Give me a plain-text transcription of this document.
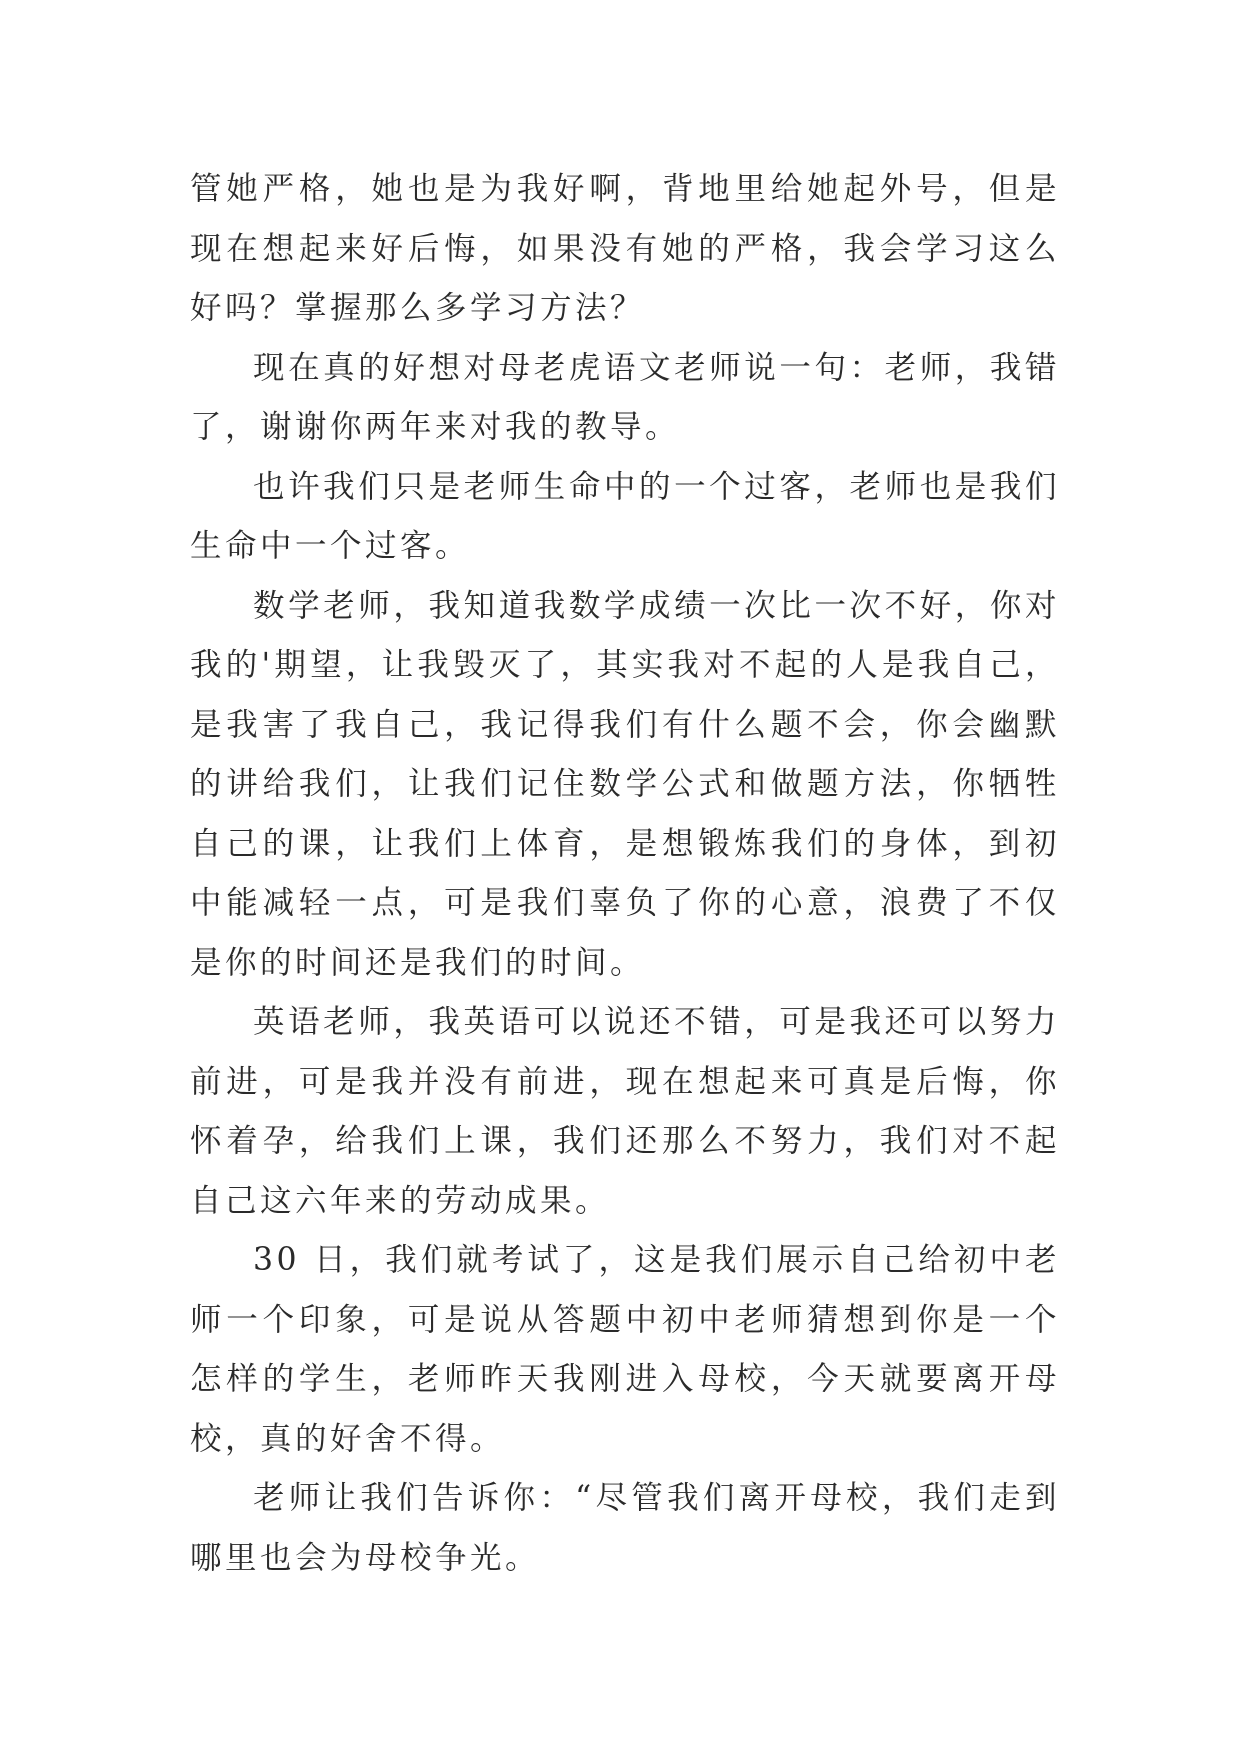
管她严格，她也是为我好啊，背地里给她起外号，但是现在想起来好后悔，如果没有她的严格，我会学习这么好吗？掌握那么多学习方法？

现在真的好想对母老虎语文老师说一句：老师，我错了，谢谢你两年来对我的教导。

也许我们只是老师生命中的一个过客，老师也是我们生命中一个过客。

数学老师，我知道我数学成绩一次比一次不好，你对我的'期望，让我毁灭了，其实我对不起的人是我自己，是我害了我自己，我记得我们有什么题不会，你会幽默的讲给我们，让我们记住数学公式和做题方法，你牺牲自己的课，让我们上体育，是想锻炼我们的身体，到初中能减轻一点，可是我们辜负了你的心意，浪费了不仅是你的时间还是我们的时间。

英语老师，我英语可以说还不错，可是我还可以努力前进，可是我并没有前进，现在想起来可真是后悔，你怀着孕，给我们上课，我们还那么不努力，我们对不起自己这六年来的劳动成果。

30 日，我们就考试了，这是我们展示自己给初中老师一个印象，可是说从答题中初中老师猜想到你是一个怎样的学生，老师昨天我刚进入母校，今天就要离开母校，真的好舍不得。

老师让我们告诉你：“尽管我们离开母校，我们走到哪里也会为母校争光。
